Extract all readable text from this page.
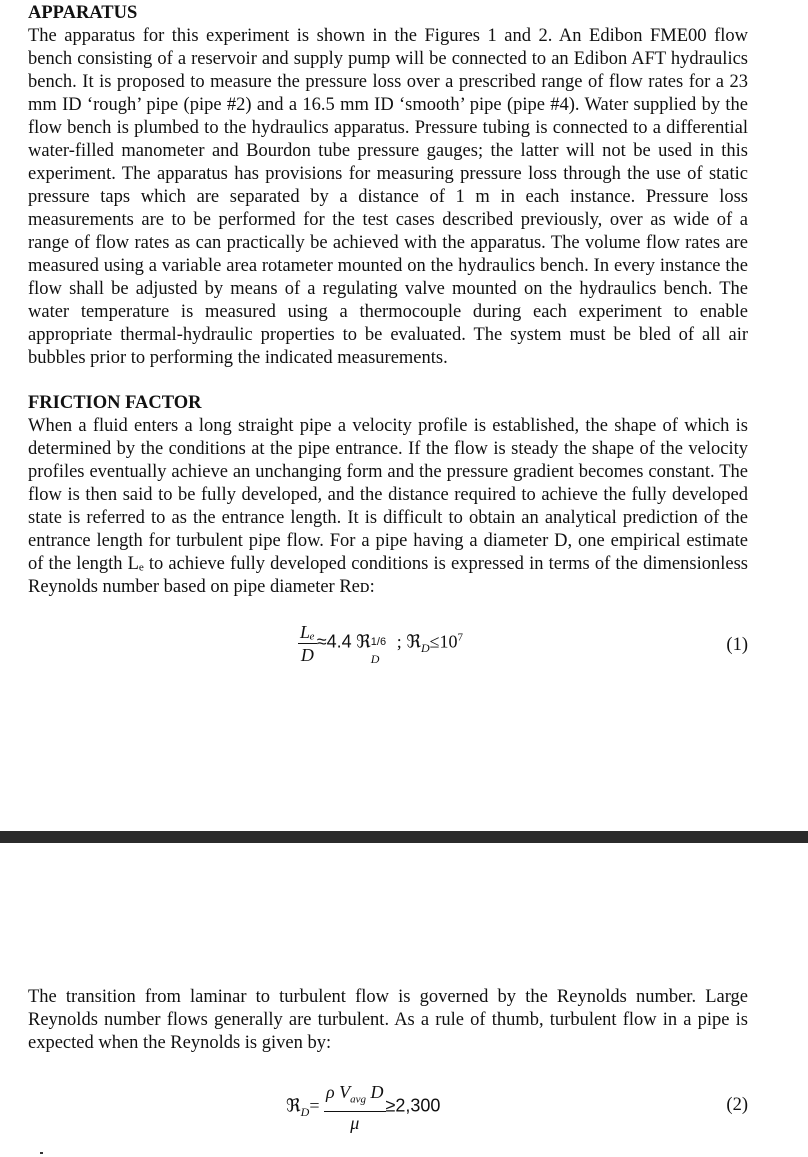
APPARATUS

The apparatus for this experiment is shown in the Figures 1 and 2. An Edibon FME00 flow bench consisting of a reservoir and supply pump will be connected to an Edibon AFT hydraulics bench. It is proposed to measure the pressure loss over a prescribed range of flow rates for a 23 mm ID ‘rough’ pipe (pipe #2) and a 16.5 mm ID ‘smooth’ pipe (pipe #4). Water supplied by the flow bench is plumbed to the hydraulics apparatus. Pressure tubing is connected to a differential water-filled manometer and Bourdon tube pressure gauges; the latter will not be used in this experiment. The apparatus has provisions for measuring pressure loss through the use of static pressure taps which are separated by a distance of 1 m in each instance. Pressure loss measurements are to be performed for the test cases described previously, over as wide of a range of flow rates as can practically be achieved with the apparatus. The volume flow rates are measured using a variable area rotameter mounted on the hydraulics bench. In every instance the flow shall be adjusted by means of a regulating valve mounted on the hydraulics bench. The water temperature is measured using a thermocouple during each experiment to enable appropriate thermal-hydraulic properties to be evaluated. The system must be bled of all air bubbles prior to performing the indicated measurements.

FRICTION FACTOR

When a fluid enters a long straight pipe a velocity profile is established, the shape of which is determined by the conditions at the pipe entrance. If the flow is steady the shape of the velocity profiles eventually achieve an unchanging form and the pressure gradient becomes constant. The flow is then said to be fully developed, and the distance required to achieve the fully developed state is referred to as the entrance length. It is difficult to obtain an analytical prediction of the entrance length for turbulent pipe flow. For a pipe having a diameter D, one empirical estimate of the length Lₑ to achieve fully developed conditions is expressed in terms of the dimensionless Reynolds number based on pipe diameter Reᴅ:

$\frac{\text{Lₑ}}{D} \approx 4.4$ ℜ 1/6
D
; $ℜ_D\le 10^7$	(1)

The transition from laminar to turbulent flow is governed by the Reynolds number. Large Reynolds number flows generally are turbulent. As a rule of thumb, turbulent flow in a pipe is expected when the Reynolds is given by:

ℜ$_D$= $\frac{\rho V_{avg} D}{\mu} \ge 2,300$	(2)
